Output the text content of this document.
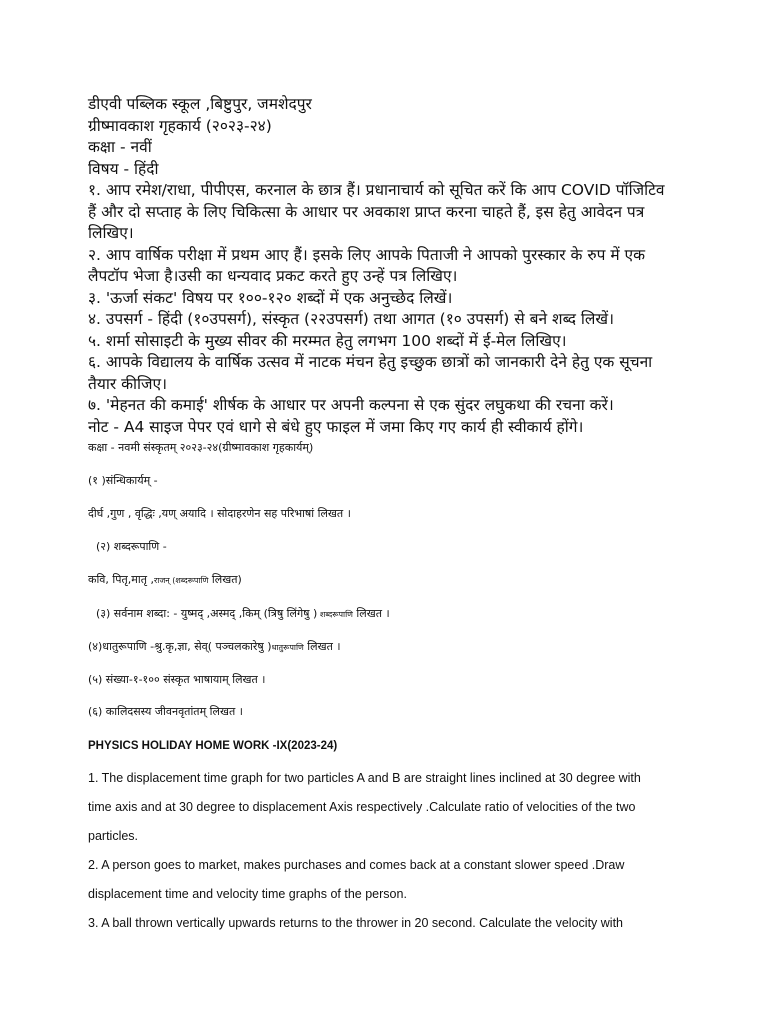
डीएवी पब्लिक स्कूल ,बिष्टुपुर, जमशेदपुर

ग्रीष्मावकाश गृहकार्य (२०२३-२४)

कक्षा - नवीं

विषय - हिंदी

१. आप रमेश/राधा, पीपीएस, करनाल के छात्र हैं। प्रधानाचार्य को सूचित करें कि आप COVID पॉजिटिव

हैं और दो सप्ताह के लिए चिकित्सा के आधार पर अवकाश प्राप्त करना चाहते हैं, इस हेतु आवेदन पत्र

लिखिए।

२. आप वार्षिक परीक्षा में प्रथम आए हैं। इसके लिए आपके पिताजी ने आपको पुरस्कार के रुप में एक

लैपटॉप भेजा है।उसी का धन्यवाद प्रकट करते हुए उन्हें पत्र लिखिए।

३. 'ऊर्जा संकट' विषय पर १००-१२० शब्दों में एक अनुच्छेद लिखें।

४. उपसर्ग - हिंदी (१०उपसर्ग), संस्कृत (२२उपसर्ग) तथा आगत (१० उपसर्ग) से बने शब्द लिखें।

५. शर्मा सोसाइटी के मुख्य सीवर की मरम्मत हेतु लगभग 100 शब्दों में ई-मेल लिखिए।

६. आपके विद्यालय के वार्षिक उत्सव में नाटक मंचन हेतु इच्छुक छात्रों को जानकारी देने हेतु एक सूचना

तैयार कीजिए।

७. 'मेहनत की कमाई' शीर्षक के आधार पर अपनी कल्पना से एक सुंदर लघुकथा की रचना करें।

नोट - A4 साइज पेपर एवं धागे से बंधे हुए फाइल में जमा किए गए कार्य ही स्वीकार्य होंगे।

कक्षा - नवमी संस्कृतम् २०२३-२४(ग्रीष्मावकाश गृहकार्यम्)

(१ )संन्धिकार्यम् -

दीर्घ ,गुण , वृद्धिः ,यण् अयादि । सोदाहरणेन सह परिभाषां लिखत ।

(२) शब्दरूपाणि -

कवि, पितृ,मातृ ,राजन् (शब्दरूपाणि लिखत)

(३) सर्वनाम शब्दा: - युष्मद् ,अस्मद् ,किम् (त्रिषु लिंगेषु ) शब्दरूपाणि लिखत ।

(४)धातुरूपाणि -श्रु.कृ,ज्ञा, सेव्( पञ्चलकारेषु )धातुरूपाणि लिखत ।

(५) संख्या-१-१०० संस्कृत भाषायाम् लिखत ।

(६) कालिदसस्य जीवनवृतांतम् लिखत ।

PHYSICS HOLIDAY HOME WORK -IX(2023-24)

1. The displacement time graph for two particles A and B are straight lines inclined at 30 degree with

time axis and at 30 degree to displacement Axis respectively .Calculate ratio of velocities of the two

particles.

2. A person goes to market, makes purchases and comes back at a constant slower speed .Draw

displacement time and velocity time graphs of the person.

3. A ball thrown vertically upwards returns to the thrower in 20 second. Calculate the velocity with
